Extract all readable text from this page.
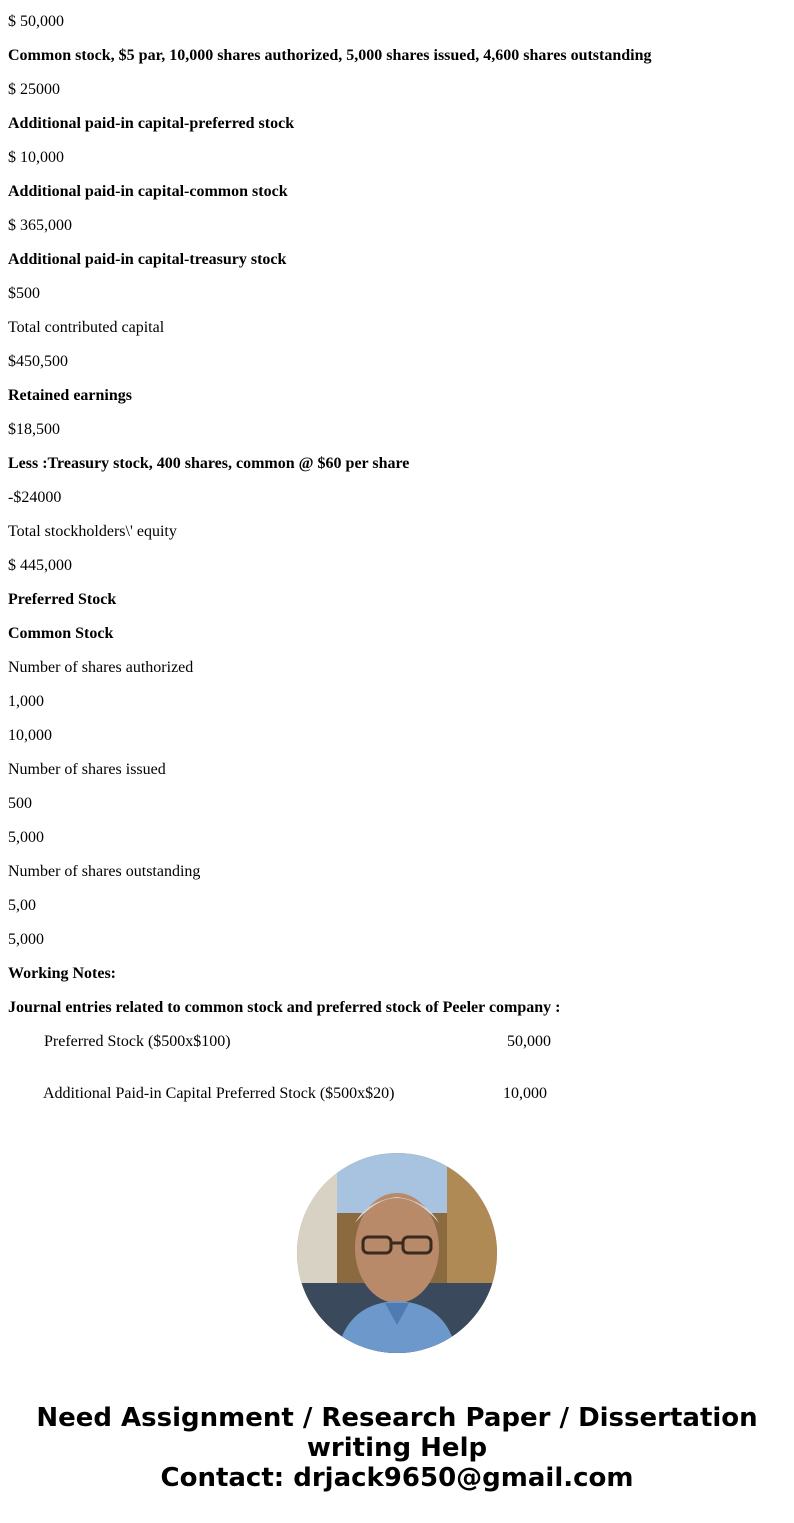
$ 50,000
Common stock, $5 par, 10,000 shares authorized, 5,000 shares issued, 4,600 shares outstanding
$ 25000
Additional paid-in capital-preferred stock
$ 10,000
Additional paid-in capital-common stock
$ 365,000
Additional paid-in capital-treasury stock
$500
Total contributed capital
$450,500
Retained earnings
$18,500
Less :Treasury stock, 400 shares, common @ $60 per share
-$24000
Total stockholders\' equity
$ 445,000
Preferred Stock
Common Stock
Number of shares authorized
1,000
10,000
Number of shares issued
500
5,000
Number of shares outstanding
5,00
5,000
Working Notes:
Journal entries related to common stock and preferred stock of Peeler company :
Preferred Stock ($500x$100)	50,000
Additional Paid-in Capital Preferred Stock ($500x$20)	10,000
Need Assignment / Research Paper / Dissertation
writing Help
Contact: drjack9650@gmail.com
